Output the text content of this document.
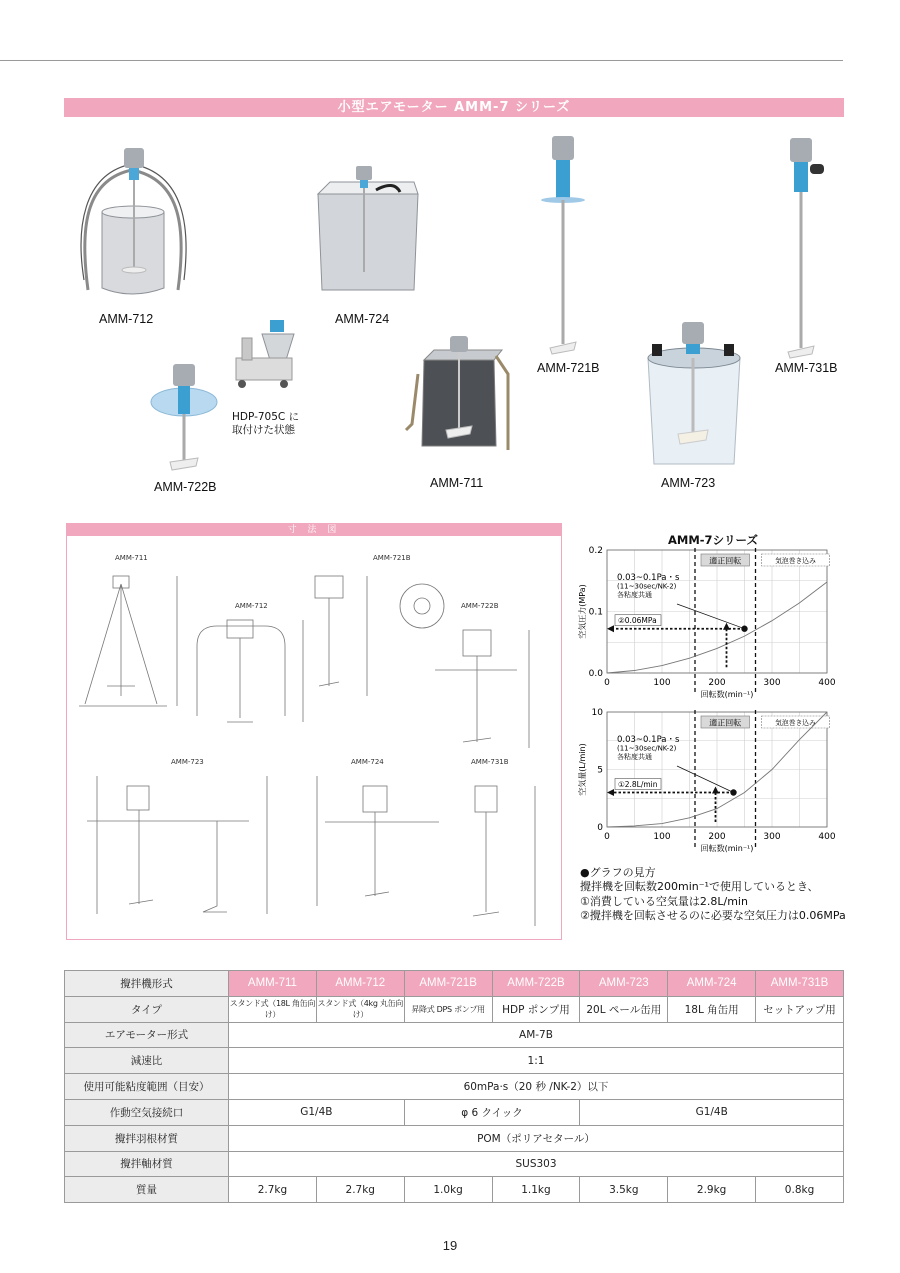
小型エアモーター AMM-7 シリーズ
AMM-712	AMM-724
AMM-721B	AMM-731B
AMM-722B	AMM-711	AMM-723
HDP-705C に
取付けた状態
寸 法 図
AMM-711	AMM-721B
AMM-712	AMM-722B
AMM-723	AMM-724	AMM-731B
AMM-7シリーズ
適正回転	気泡巻き込み
0.03~0.1Pa・s
(11~30sec/NK-2)
各粘度共通
②0.06MPa
0	100	200	300	400
0.0
0.1
0.2
回転数(min⁻¹)
空気圧力(MPa)
適正回転	気泡巻き込み
0.03~0.1Pa・s
(11~30sec/NK-2)
各粘度共通
①2.8L/min
0	100	200	300	400
0
5
10
回転数(min⁻¹)
空気量(L/min)
●グラフの見方
攪拌機を回転数200min⁻¹で使用しているとき、
①消費している空気量は2.8L/min
②攪拌機を回転させるのに必要な空気圧力は0.06MPa
攪拌機形式	AMM-711	AMM-712	AMM-721B	AMM-722B	AMM-723	AMM-724	AMM-731B
タイプ	スタンド式（18L 角缶向け）	スタンド式（4kg 丸缶向け）	昇降式 DPS ポンプ用	HDP ポンプ用	20L ペール缶用	18L 角缶用	セットアップ用
エアモーター形式	AM-7B						
減速比	1:1						
使用可能粘度範囲（目安）	60mPa·s（20 秒 /NK-2）以下						
作動空気接続口	G1/4B		φ 6 クイック		G1/4B		
攪拌羽根材質	POM（ポリアセタール）						
攪拌軸材質	SUS303						
質量	2.7kg	2.7kg	1.0kg	1.1kg	3.5kg	2.9kg	0.8kg
19
